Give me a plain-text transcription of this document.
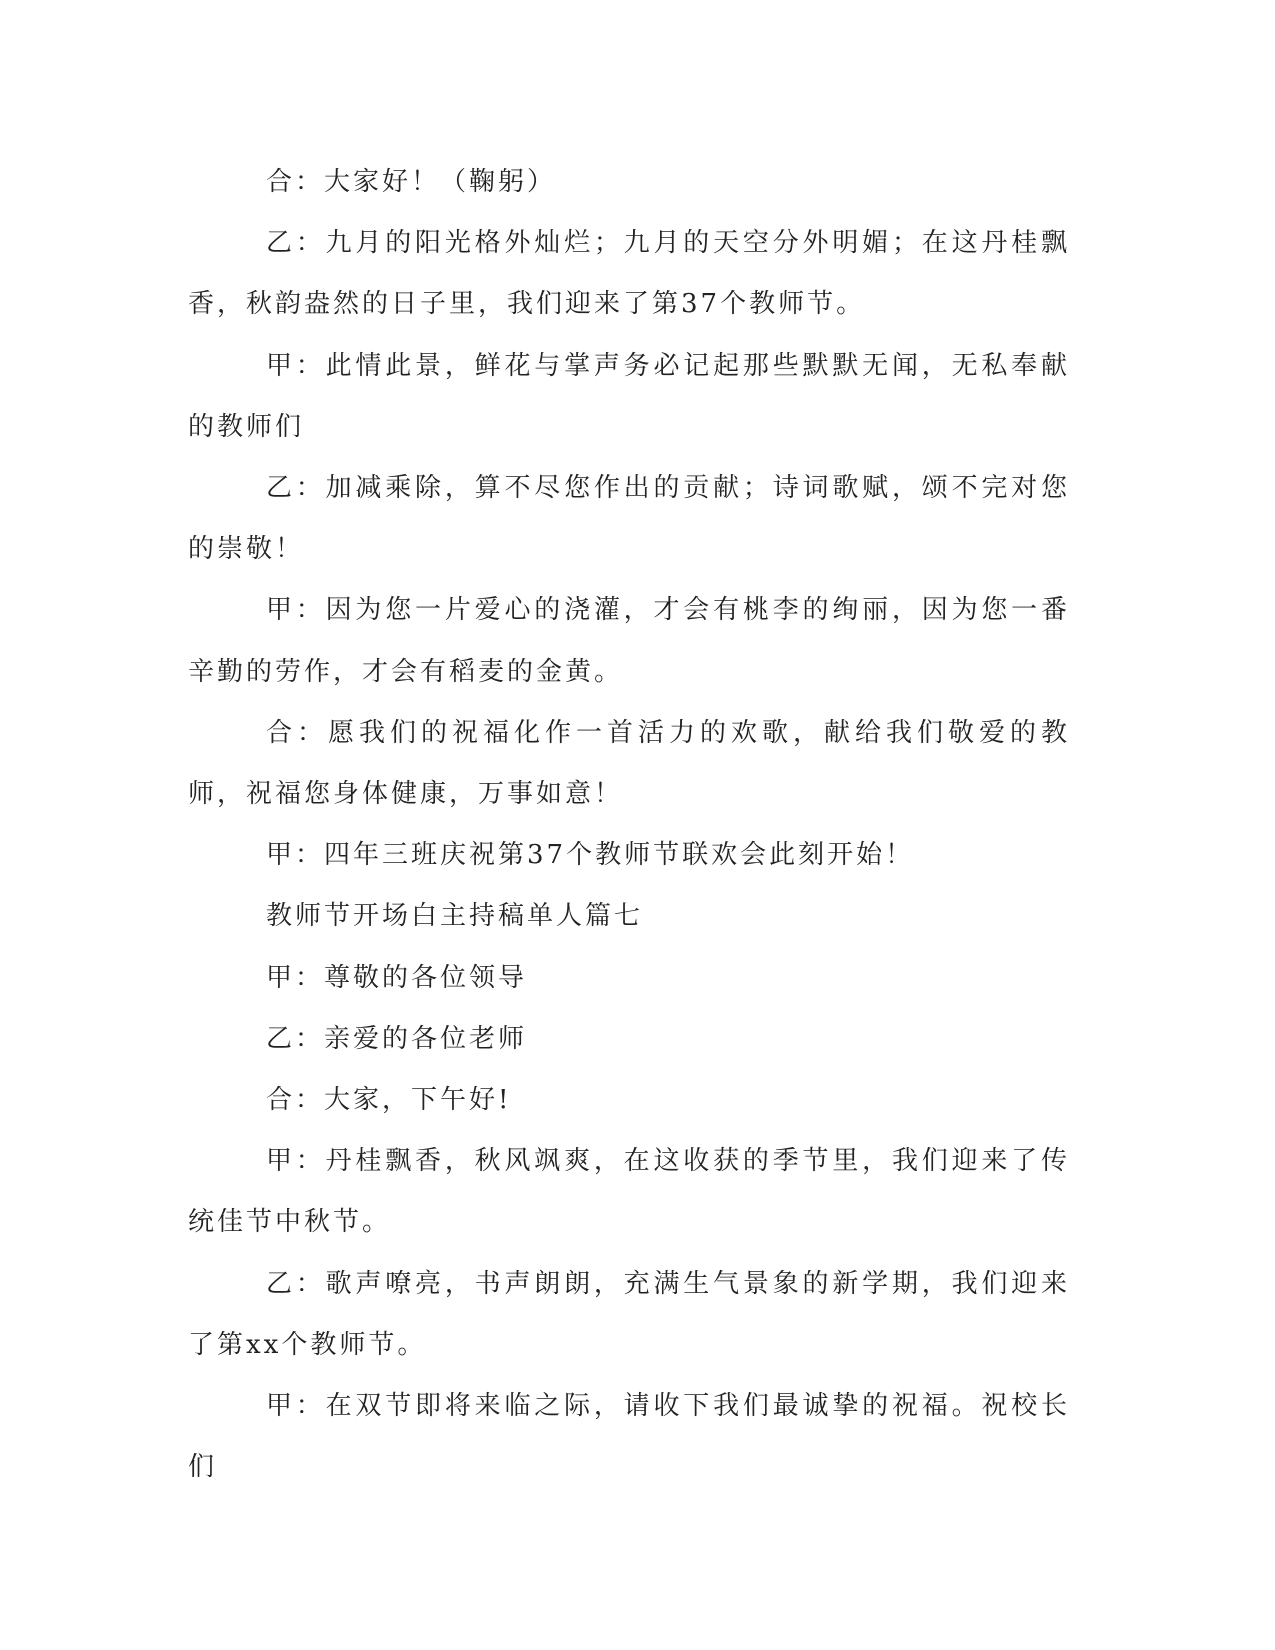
合：大家好！（鞠躬）

乙：九月的阳光格外灿烂；九月的天空分外明媚；在这丹桂飘香，秋韵盎然的日子里，我们迎来了第37个教师节。

甲：此情此景，鲜花与掌声务必记起那些默默无闻，无私奉献的教师们

乙：加减乘除，算不尽您作出的贡献；诗词歌赋，颂不完对您的崇敬！

甲：因为您一片爱心的浇灌，才会有桃李的绚丽，因为您一番辛勤的劳作，才会有稻麦的金黄。

合：愿我们的祝福化作一首活力的欢歌，献给我们敬爱的教师，祝福您身体健康，万事如意！

甲：四年三班庆祝第37个教师节联欢会此刻开始！

教师节开场白主持稿单人篇七

甲：尊敬的各位领导

乙：亲爱的各位老师

合：大家，下午好!

甲：丹桂飘香，秋风飒爽，在这收获的季节里，我们迎来了传统佳节中秋节。

乙：歌声嘹亮，书声朗朗，充满生气景象的新学期，我们迎来了第xx个教师节。

甲：在双节即将来临之际，请收下我们最诚挚的祝福。祝校长们
